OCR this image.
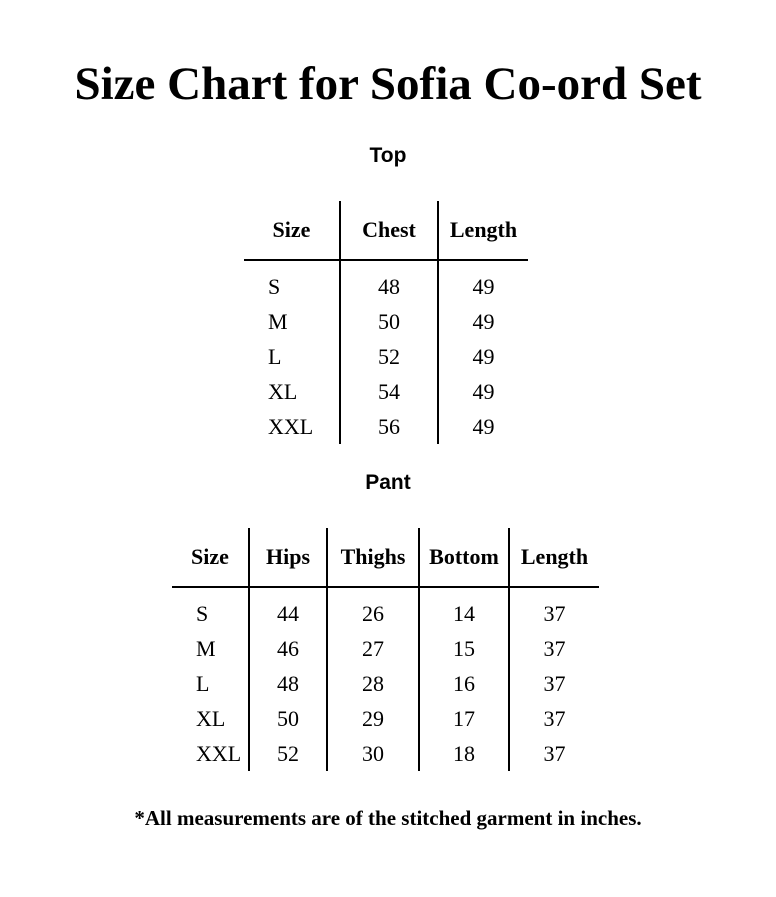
Size Chart for Sofia Co-ord Set
Top
Size	Chest	Length
S	48	49
M	50	49
L	52	49
XL	54	49
XXL	56	49
Pant
Size	Hips	Thighs	Bottom	Length
S	44	26	14	37
M	46	27	15	37
L	48	28	16	37
XL	50	29	17	37
XXL	52	30	18	37
*All measurements are of the stitched garment in inches.
